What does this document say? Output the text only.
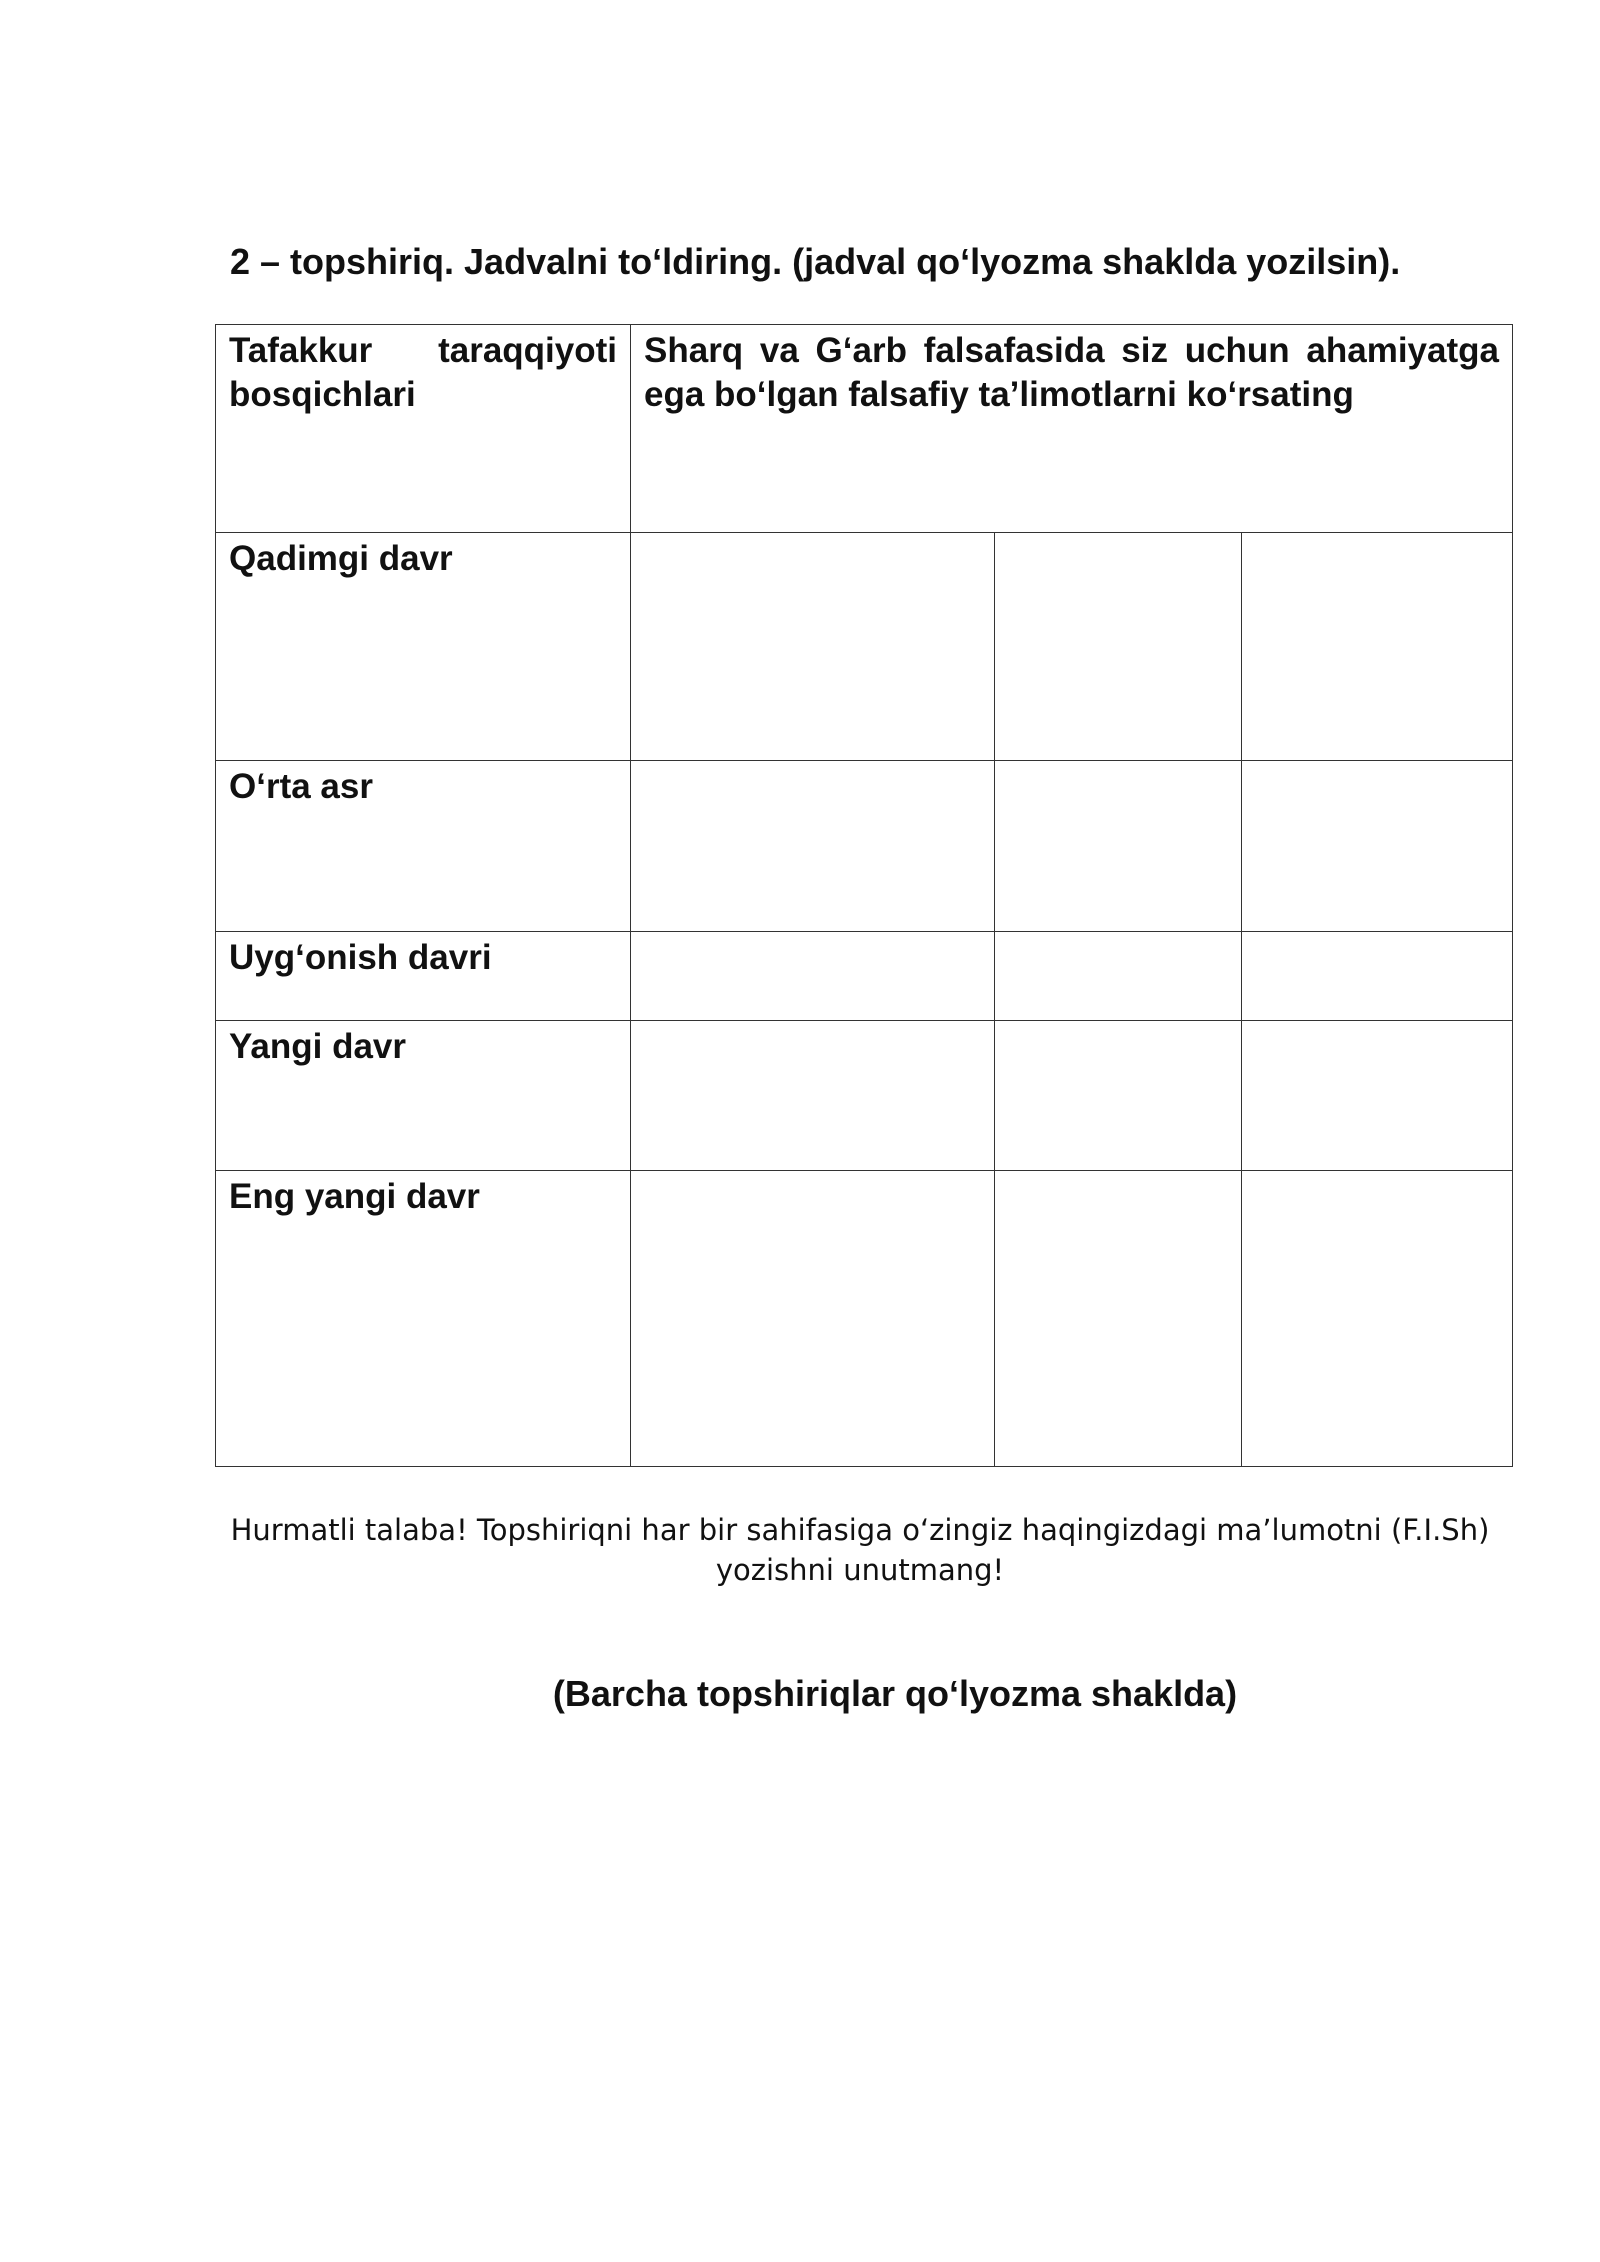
2 – topshiriq. Jadvalni to‘ldiring. (jadval qo‘lyozma shaklda yozilsin).
Tafakkur taraqqiyoti bosqichlari	Sharq va G‘arb falsafasida siz uchun ahamiyatga ega bo‘lgan falsafiy ta’limotlarni ko‘rsating		

Qadimgi davr			

O‘rta asr			

Uyg‘onish davri			

Yangi davr			

Eng yangi davr			

Hurmatli talaba! Topshiriqni har bir sahifasiga o‘zingiz haqingizdagi ma’lumotni (F.I.Sh)
yozishni unutmang!

(Barcha topshiriqlar qo‘lyozma shaklda)
